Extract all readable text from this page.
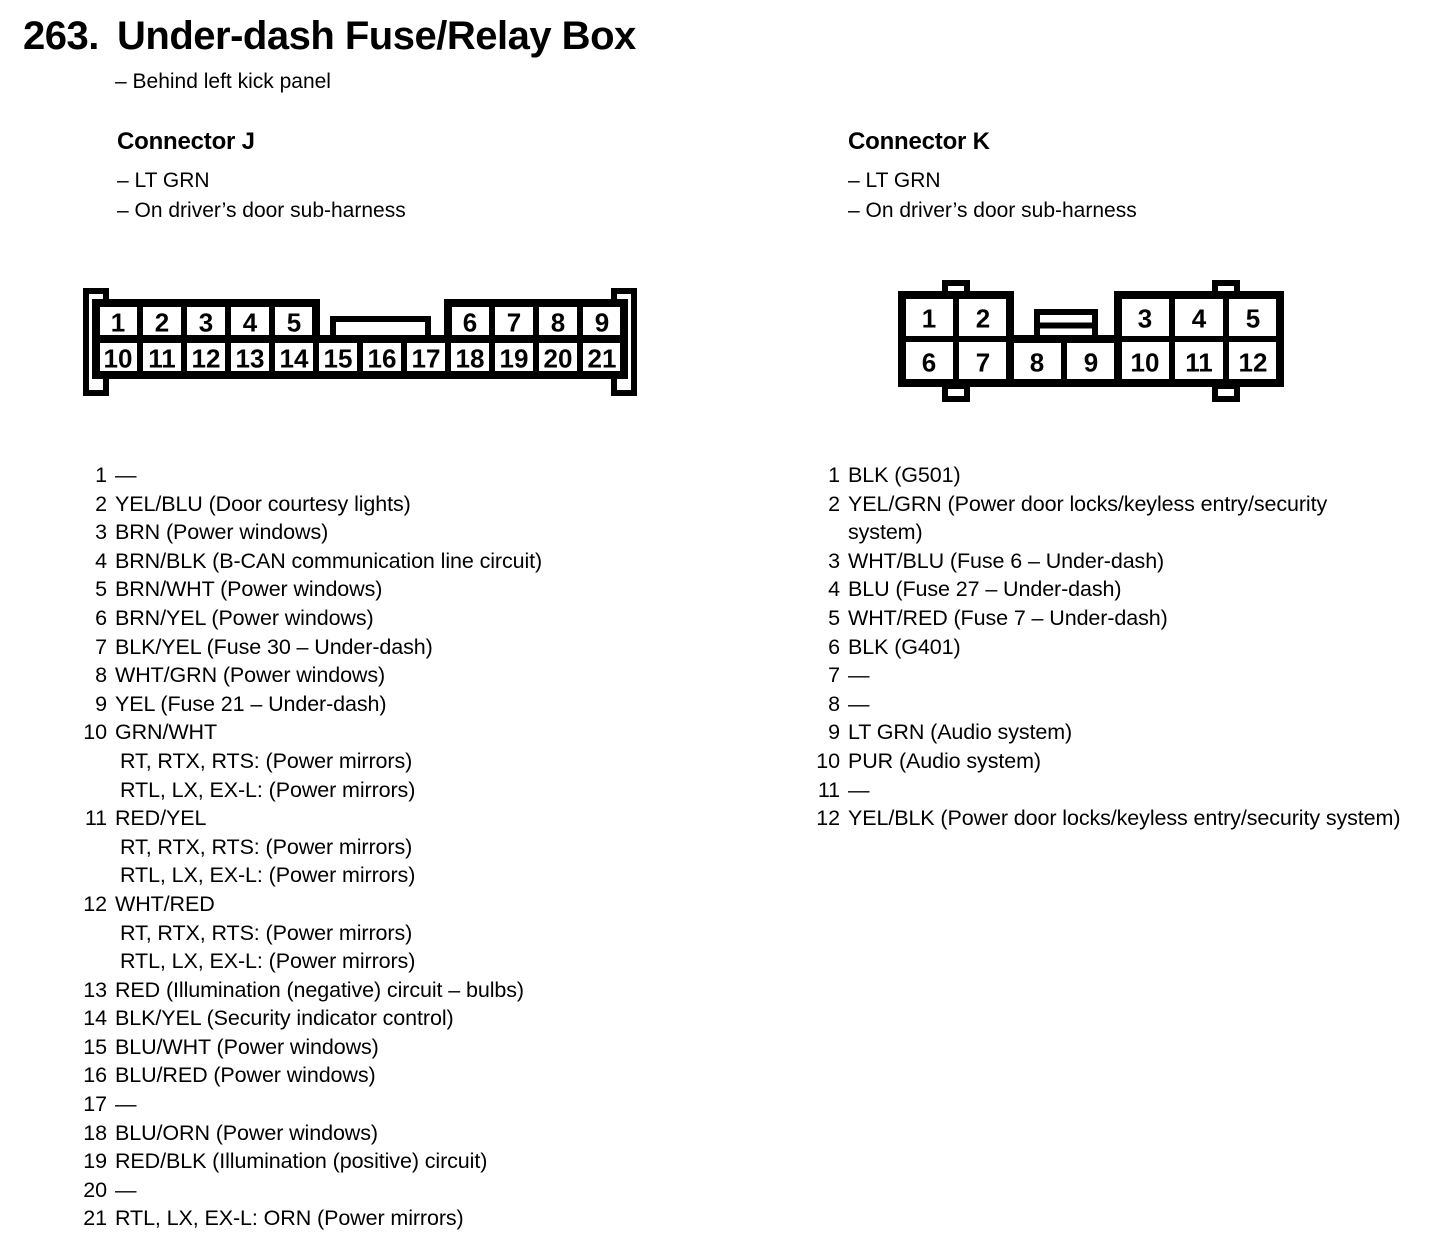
263. Under-dash Fuse/Relay Box
– Behind left kick panel
Connector J
– LT GRN
– On driver’s door sub-harness
Connector K
– LT GRN
– On driver’s door sub-harness
10 11 12 13 14 15 16 17 18 19 20 21
1 2 3 4 5	6 7 8 9
6 7 8 9 10 11 12
1 2	3 4 5
1 —
2 YEL/BLU (Door courtesy lights)
3 BRN (Power windows)
4 BRN/BLK (B-CAN communication line circuit)
5 BRN/WHT (Power windows)
6 BRN/YEL (Power windows)
7 BLK/YEL (Fuse 30 – Under-dash)
8 WHT/GRN (Power windows)
9 YEL (Fuse 21 – Under-dash)
10 GRN/WHT
RT, RTX, RTS: (Power mirrors)
RTL, LX, EX-L: (Power mirrors)
11 RED/YEL
RT, RTX, RTS: (Power mirrors)
RTL, LX, EX-L: (Power mirrors)
12 WHT/RED
RT, RTX, RTS: (Power mirrors)
RTL, LX, EX-L: (Power mirrors)
13 RED (Illumination (negative) circuit – bulbs)
14 BLK/YEL (Security indicator control)
15 BLU/WHT (Power windows)
16 BLU/RED (Power windows)
17 —
18 BLU/ORN (Power windows)
19 RED/BLK (Illumination (positive) circuit)
20 —
21 RTL, LX, EX-L: ORN (Power mirrors)
1 BLK (G501)
2 YEL/GRN (Power door locks/keyless entry/security
system)
3 WHT/BLU (Fuse 6 – Under-dash)
4 BLU (Fuse 27 – Under-dash)
5 WHT/RED (Fuse 7 – Under-dash)
6 BLK (G401)
7 —
8 —
9 LT GRN (Audio system)
10 PUR (Audio system)
11 —
12 YEL/BLK (Power door locks/keyless entry/security system)
